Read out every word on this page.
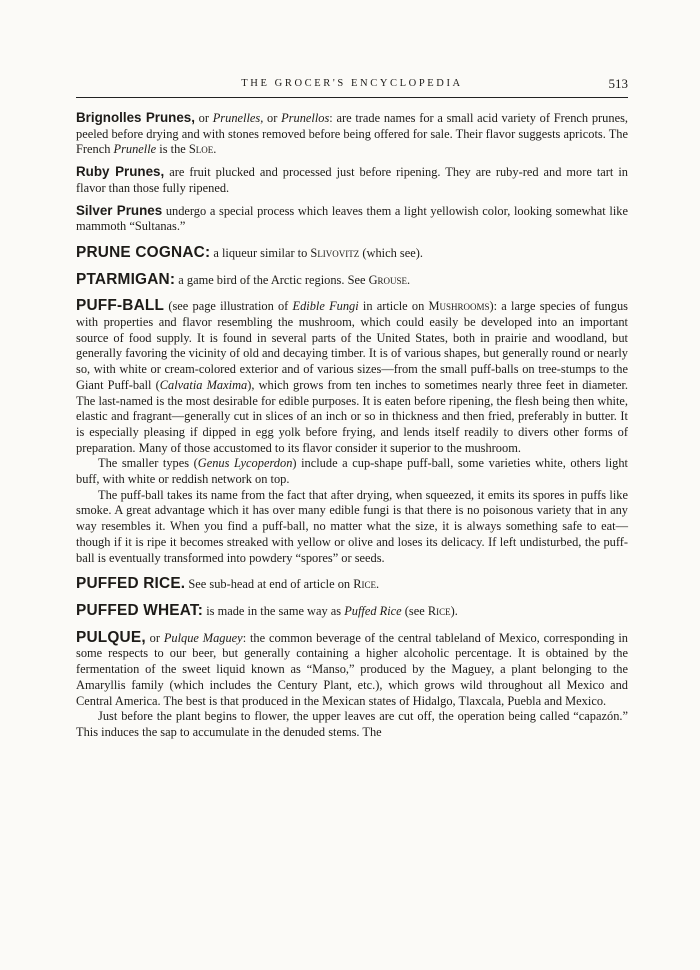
THE GROCER'S ENCYCLOPEDIA	513

Brignolles Prunes, or Prunelles, or Prunellos: are trade names for a small acid variety of French prunes, peeled before drying and with stones removed before being offered for sale. Their flavor suggests apricots. The French Prunelle is the Sloe.

Ruby Prunes, are fruit plucked and processed just before ripening. They are ruby-red and more tart in flavor than those fully ripened.

Silver Prunes undergo a special process which leaves them a light yellowish color, looking somewhat like mammoth “Sultanas.”

PRUNE COGNAC: a liqueur similar to Slivovitz (which see).

PTARMIGAN: a game bird of the Arctic regions. See Grouse.

PUFF-BALL (see page illustration of Edible Fungi in article on Mushrooms): a large species of fungus with properties and flavor resembling the mushroom, which could easily be developed into an important source of food supply. It is found in several parts of the United States, both in prairie and woodland, but generally favoring the vicinity of old and decaying timber. It is of various shapes, but generally round or nearly so, with white or cream-colored exterior and of various sizes—from the small puff-balls on tree-stumps to the Giant Puff-ball (Calvatia Maxima), which grows from ten inches to sometimes nearly three feet in diameter. The last-named is the most desirable for edible purposes. It is eaten before ripening, the flesh being then white, elastic and fragrant—generally cut in slices of an inch or so in thickness and then fried, preferably in butter. It is especially pleasing if dipped in egg yolk before frying, and lends itself readily to divers other forms of preparation. Many of those accustomed to its flavor consider it superior to the mushroom.

The smaller types (Genus Lycoperdon) include a cup-shape puff-ball, some varieties white, others light buff, with white or reddish network on top.

The puff-ball takes its name from the fact that after drying, when squeezed, it emits its spores in puffs like smoke. A great advantage which it has over many edible fungi is that there is no poisonous variety that in any way resembles it. When you find a puff-ball, no matter what the size, it is always something safe to eat—though if it is ripe it becomes streaked with yellow or olive and loses its delicacy. If left undisturbed, the puff-ball is eventually transformed into powdery “spores” or seeds.

PUFFED RICE. See sub-head at end of article on Rice.

PUFFED WHEAT: is made in the same way as Puffed Rice (see Rice).

PULQUE, or Pulque Maguey: the common beverage of the central tableland of Mexico, corresponding in some respects to our beer, but generally containing a higher alcoholic percentage. It is obtained by the fermentation of the sweet liquid known as “Manso,” produced by the Maguey, a plant belonging to the Amaryllis family (which includes the Century Plant, etc.), which grows wild throughout all Mexico and Central America. The best is that produced in the Mexican states of Hidalgo, Tlaxcala, Puebla and Mexico.

Just before the plant begins to flower, the upper leaves are cut off, the operation being called “capazón.” This induces the sap to accumulate in the denuded stems. The
